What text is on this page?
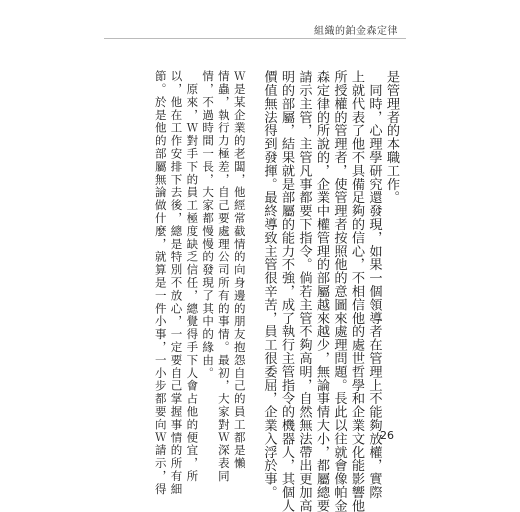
組織的鉑金森定律
是管理者的本職工作。
　同時，心理學研究還發現，如果一個領導者在管理上不能夠放權，實際
上就代表了他不具備足夠的信心，不相信他的處世哲學和企業文化能影響他
所授權的管理者，使管理者按照他的意圖來處理問題。長此以往就會像帕金
森定律的所說的，企業中權管理的部屬越來越少，無論事情大小，都屬總要
請示主管，主管凡事都要下指令。倘若主管不夠高明，自然無法帶出更加高
明的部屬，結果就是部屬的能力不強，成了執行主管指令的機器人，其個人
價值無法得到發揮。最終導致主管很辛苦，員工很委屈，企業入浮於事。
Ｗ是某企業的老闆，他經常截情的向身邊的朋友抱怨自己的員工都是懶
情蟲，執行力極差，自己要處理公司所有的事情。最初，大家對Ｗ深表同
情，不過時間一長，大家都慢慢的發現了其中的緣由。
　原來，Ｗ對手下的員工極度缺乏信任，總覺得手下人會占他的便宜，所
以，他在工作安排下去後，總是特別不放心，一定要自己掌握事情的所有細
節。於是他的部屬無論做什麼，就算是一件小事，一小步都要向Ｗ請示，得	26
